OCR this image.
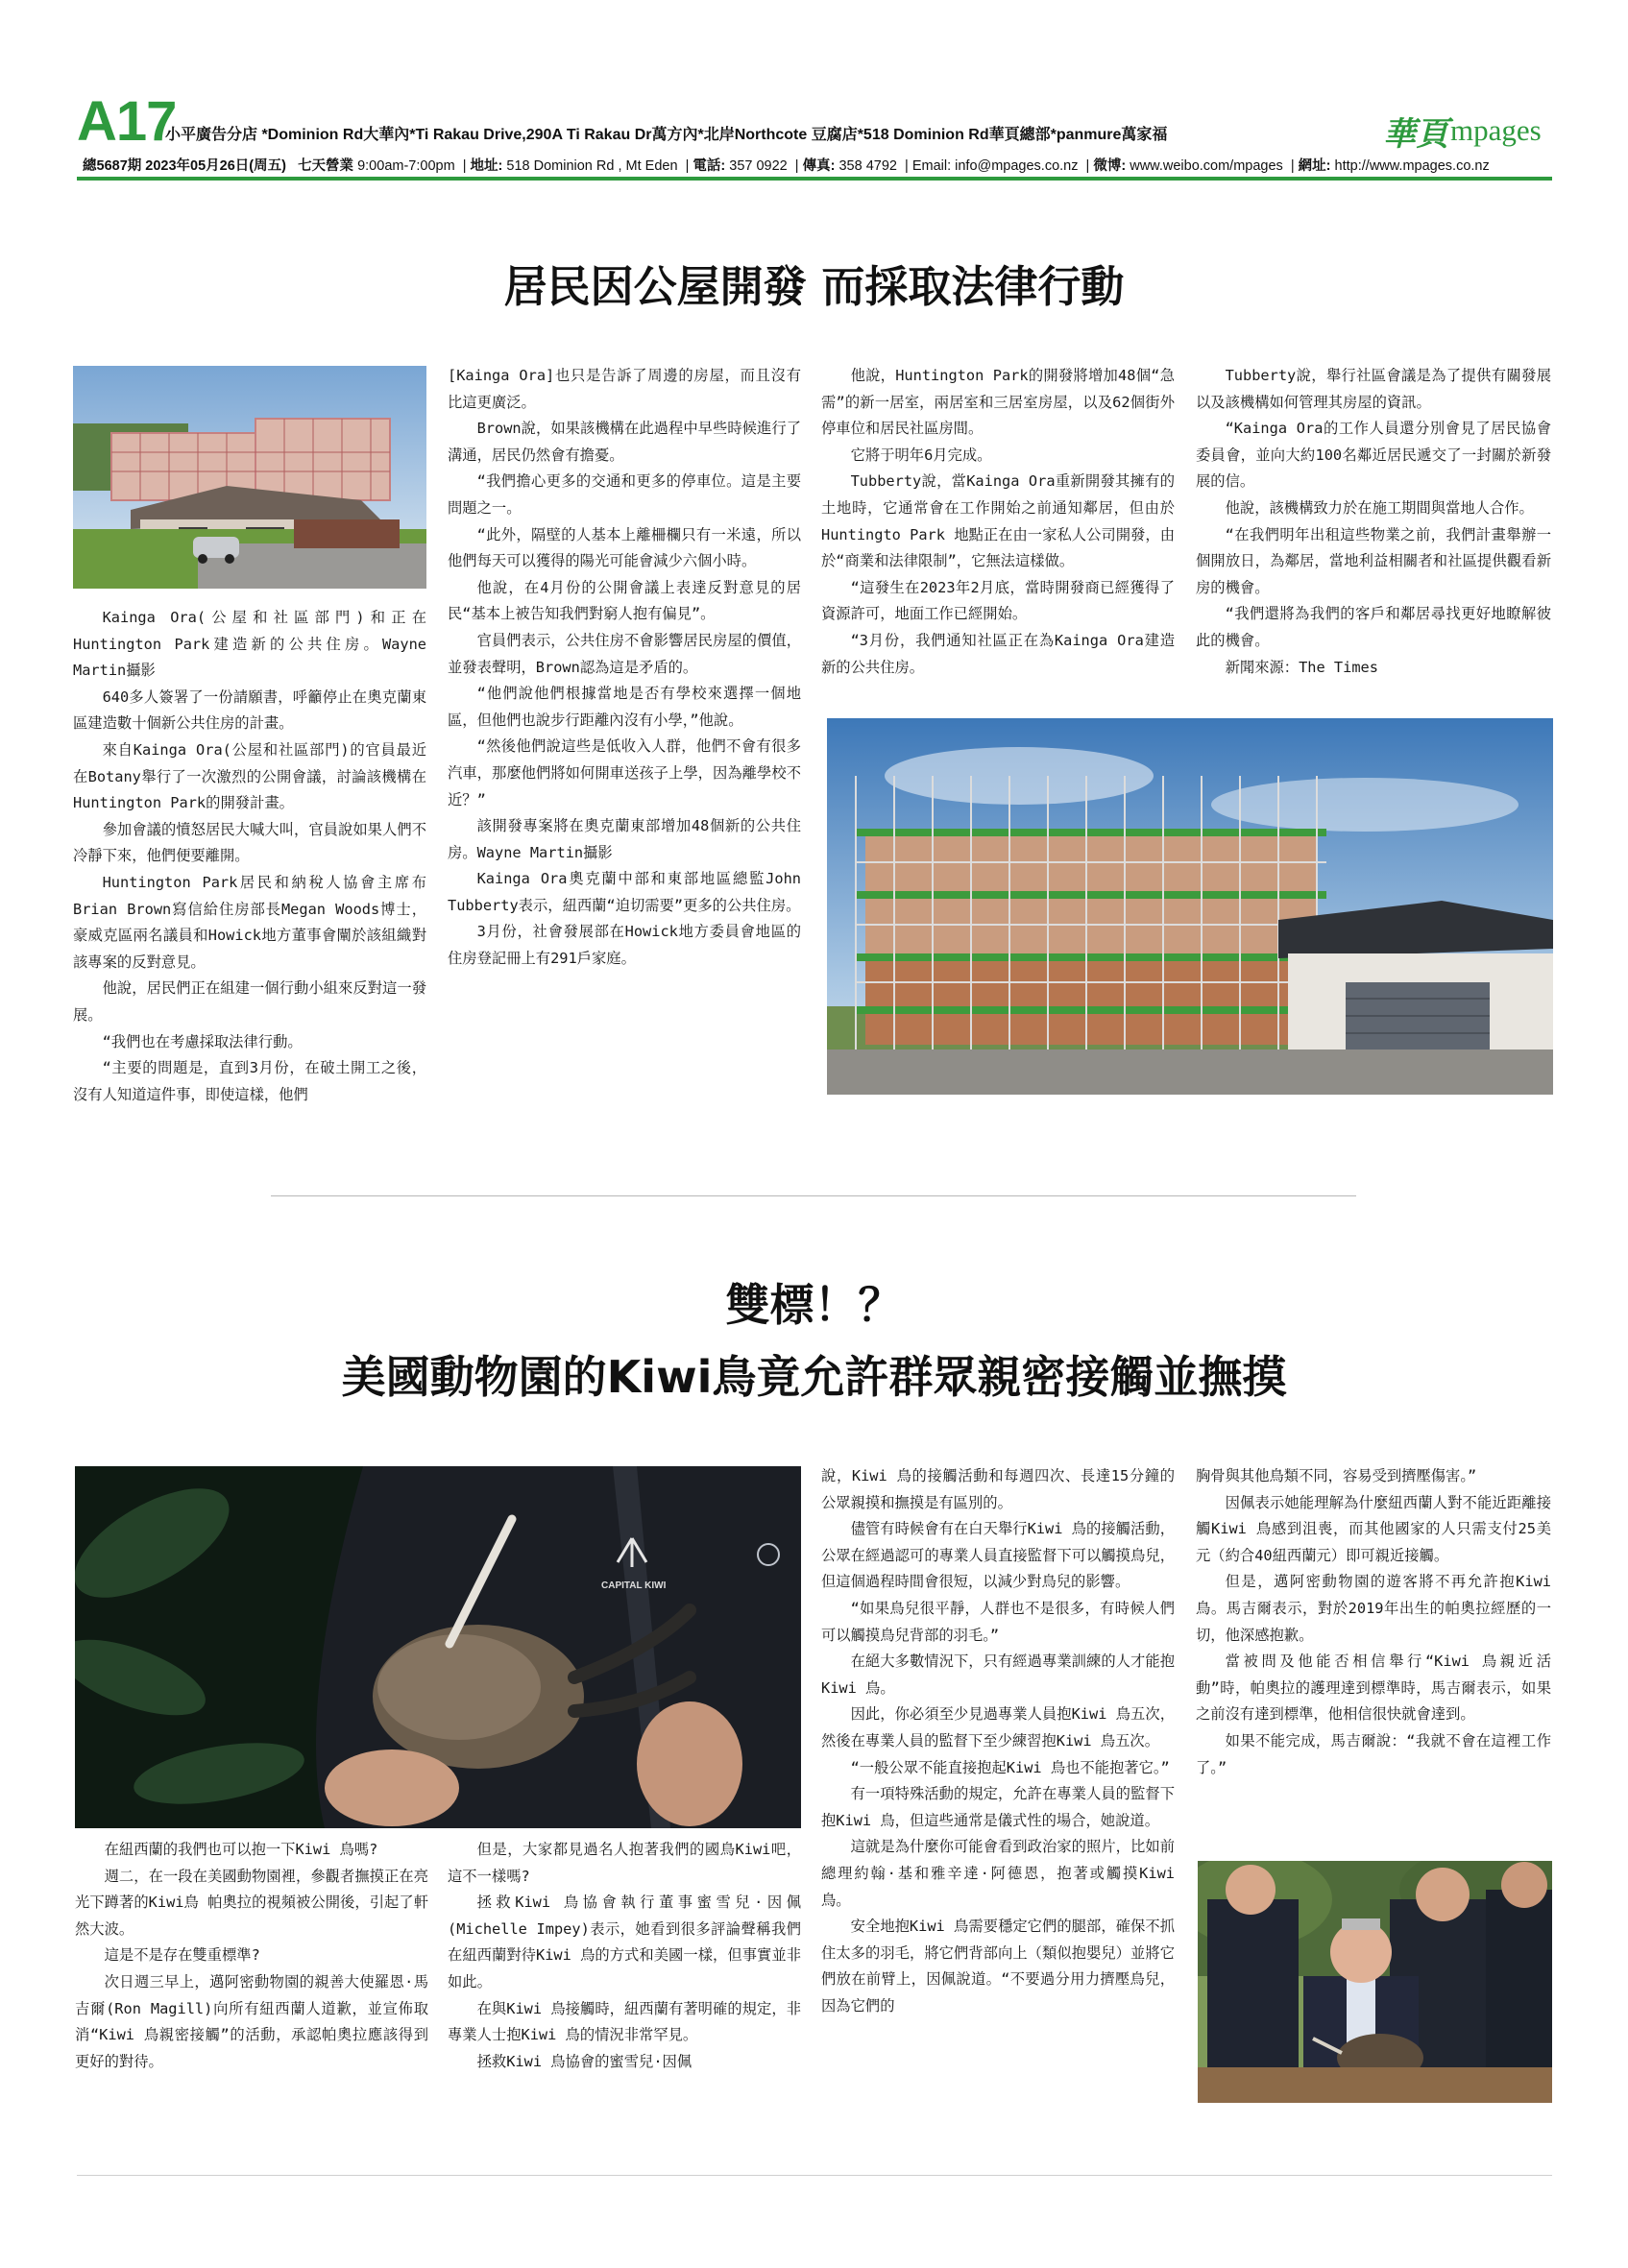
A17
小平廣告分店 *Dominion Rd大華內*Ti Rakau Drive,290A Ti Rakau Dr萬方內*北岸Northcote 豆腐店*518 Dominion Rd華頁總部*panmure萬家福	華頁 mpages
總5687期 2023年05月26日(周五) 七天營業 9:00am-7:00pm  | 地址: 518 Dominion Rd , Mt Eden  | 電話: 357 0922  | 傳真: 358 4792  | Email: info@mpages.co.nz  | 微博: www.weibo.com/mpages  | 網址: http://www.mpages.co.nz
居民因公屋開發 而採取法律行動

Kainga Ora(公屋和社區部門)和正在Huntington Park建造新的公共住房。Wayne Martin攝影

640多人簽署了一份請願書，呼籲停止在奧克蘭東區建造數十個新公共住房的計畫。

來自Kainga Ora(公屋和社區部門)的官員最近在Botany舉行了一次激烈的公開會議，討論該機構在Huntington Park的開發計畫。

參加會議的憤怒居民大喊大叫，官員說如果人們不冷靜下來，他們便要離開。

Huntington Park居民和納稅人協會主席布Brian Brown寫信給住房部長Megan Woods博士，豪威克區兩名議員和Howick地方董事會闡於該組織對該專案的反對意見。

他說，居民們正在組建一個行動小組來反對這一發展。

“我們也在考慮採取法律行動。

“主要的問題是，直到3月份，在破土開工之後，沒有人知道這件事，即使這樣，他們

[Kainga Ora]也只是告訴了周邊的房屋，而且沒有比這更廣泛。

Brown說，如果該機構在此過程中早些時候進行了溝通，居民仍然會有擔憂。

“我們擔心更多的交通和更多的停車位。這是主要問題之一。

“此外，隔壁的人基本上離柵欄只有一米遠，所以他們每天可以獲得的陽光可能會減少六個小時。

他說，在4月份的公開會議上表達反對意見的居民“基本上被告知我們對窮人抱有偏見”。

官員們表示，公共住房不會影響居民房屋的價值，並發表聲明，Brown認為這是矛盾的。

“他們說他們根據當地是否有學校來選擇一個地區，但他們也說步行距離內沒有小學，”他說。

“然後他們說這些是低收入人群，他們不會有很多汽車，那麼他們將如何開車送孩子上學，因為離學校不近？”

該開發專案將在奧克蘭東部增加48個新的公共住房。Wayne Martin攝影

Kainga Ora奧克蘭中部和東部地區總監John Tubberty表示，紐西蘭“迫切需要”更多的公共住房。

3月份，社會發展部在Howick地方委員會地區的住房登記冊上有291戶家庭。

他說，Huntington Park的開發將增加48個“急需”的新一居室，兩居室和三居室房屋，以及62個街外停車位和居民社區房間。

它將于明年6月完成。

Tubberty說，當Kainga Ora重新開發其擁有的土地時，它通常會在工作開始之前通知鄰居，但由於Huntingto Park 地點正在由一家私人公司開發，由於“商業和法律限制”，它無法這樣做。

“這發生在2023年2月底，當時開發商已經獲得了資源許可，地面工作已經開始。

“3月份，我們通知社區正在為Kainga Ora建造新的公共住房。

Tubberty說，舉行社區會議是為了提供有關發展以及該機構如何管理其房屋的資訊。

“Kainga Ora的工作人員還分別會見了居民協會委員會，並向大約100名鄰近居民遞交了一封關於新發展的信。

他說，該機構致力於在施工期間與當地人合作。

“在我們明年出租這些物業之前，我們計畫舉辦一個開放日，為鄰居，當地利益相關者和社區提供觀看新房的機會。

“我們還將為我們的客戶和鄰居尋找更好地瞭解彼此的機會。

新聞來源：The Times

雙標！？
美國動物園的Kiwi鳥竟允許群眾親密接觸並撫摸
CAPITAL KIWI

在紐西蘭的我們也可以抱一下Kiwi 鳥嗎?

週二，在一段在美國動物園裡，參觀者撫摸正在亮光下蹲著的Kiwi鳥 帕奧拉的視頻被公開後，引起了軒然大波。

這是不是存在雙重標準?

次日週三早上，邁阿密動物園的親善大使羅恩·馬吉爾(Ron Magill)向所有紐西蘭人道歉，並宣佈取消“Kiwi 鳥親密接觸”的活動，承認帕奧拉應該得到更好的對待。

但是，大家都見過名人抱著我們的國鳥Kiwi吧，這不一樣嗎?

拯救Kiwi 鳥協會執行董事蜜雪兒·因佩(Michelle Impey)表示，她看到很多評論聲稱我們在紐西蘭對待Kiwi 鳥的方式和美國一樣，但事實並非如此。

在與Kiwi 鳥接觸時，紐西蘭有著明確的規定，非專業人士抱Kiwi 鳥的情況非常罕見。

拯救Kiwi 鳥協會的蜜雪兒·因佩

說，Kiwi 鳥的接觸活動和每週四次、長達15分鐘的公眾親摸和撫摸是有區別的。

儘管有時候會有在白天舉行Kiwi 鳥的接觸活動，公眾在經過認可的專業人員直接監督下可以觸摸鳥兒，但這個過程時間會很短，以減少對鳥兒的影響。

“如果鳥兒很平靜，人群也不是很多，有時候人們可以觸摸鳥兒背部的羽毛。”

在絕大多數情況下，只有經過專業訓練的人才能抱Kiwi 鳥。

因此，你必須至少見過專業人員抱Kiwi 鳥五次，然後在專業人員的監督下至少練習抱Kiwi 鳥五次。

“一般公眾不能直接抱起Kiwi 鳥也不能抱著它。”

有一項特殊活動的規定，允許在專業人員的監督下抱Kiwi 鳥，但這些通常是儀式性的場合，她說道。

這就是為什麼你可能會看到政治家的照片，比如前總理約翰·基和雅辛達·阿德恩，抱著或觸摸Kiwi 鳥。

安全地抱Kiwi 鳥需要穩定它們的腿部，確保不抓住太多的羽毛，將它們背部向上（類似抱嬰兒）並將它們放在前臂上，因佩說道。“不要過分用力擠壓鳥兒，因為它們的

胸骨與其他鳥類不同，容易受到擠壓傷害。”

因佩表示她能理解為什麼紐西蘭人對不能近距離接觸Kiwi 鳥感到沮喪，而其他國家的人只需支付25美元（約合40紐西蘭元）即可親近接觸。

但是，邁阿密動物園的遊客將不再允許抱Kiwi 鳥。馬吉爾表示，對於2019年出生的帕奧拉經歷的一切，他深感抱歉。

當被問及他能否相信舉行“Kiwi 鳥親近活動”時，帕奧拉的護理達到標準時，馬吉爾表示，如果之前沒有達到標準，他相信很快就會達到。

如果不能完成，馬吉爾說：“我就不會在這裡工作了。”
